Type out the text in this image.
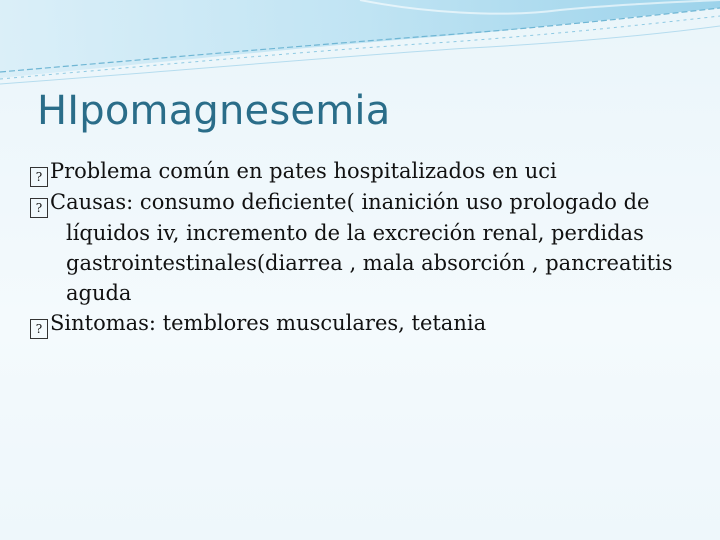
HIpomagnesemia

? Problema común en pates hospitalizados en uci

? Causas: consumo deficiente( inanición uso prologado de líquidos iv, incremento de la excreción renal, perdidas gastrointestinales(diarrea , mala absorción , pancreatitis aguda

? Sintomas: temblores musculares, tetania
